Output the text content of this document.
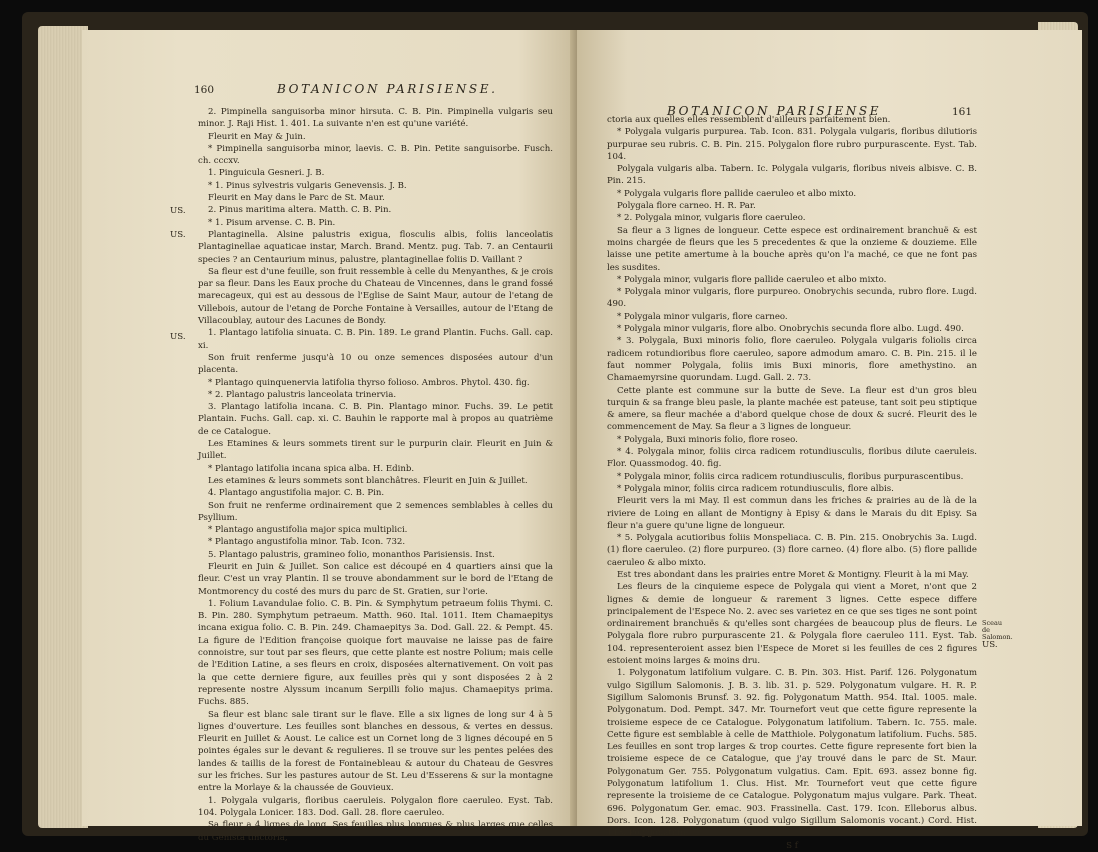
160	BOTANICON PARISIENSE.
US.
US.
US.

2. Pimpinella sanguisorba minor hirsuta. C. B. Pin. Pimpinella vulgaris seu minor. J. Raji Hist. 1. 401. La suivante n'en est qu'une variété.

Fleurit en May & Juin.

* Pimpinella sanguisorba minor, laevis. C. B. Pin. Petite sanguisorbe. Fusch. ch. cccxv.

1. Pinguicula Gesneri. J. B.

* 1. Pinus sylvestris vulgaris Genevensis. J. B.

Fleurit en May dans le Parc de St. Maur.

2. Pinus maritima altera. Matth. C. B. Pin.

* 1. Pisum arvense. C. B. Pin.

Plantaginella. Alsine palustris exigua, flosculis albis, foliis lanceolatis Plantaginellae aquaticae instar, March. Brand. Mentz. pug. Tab. 7. an Centaurii species ? an Centaurium minus, palustre, plantaginellae foliis D. Vaillant ?

Sa fleur est d'une feuille, son fruit ressemble à celle du Menyanthes, & je crois par sa fleur. Dans les Eaux proche du Chateau de Vincennes, dans le grand fossé marecageux, qui est au dessous de l'Eglise de Saint Maur, autour de l'etang de Villebois, autour de l'etang de Porche Fontaine à Versailles, autour de l'Etang de Villacoublay, autour des Lacunes de Bondy.

1. Plantago latifolia sinuata. C. B. Pin. 189. Le grand Plantin. Fuchs. Gall. cap. xi.

Son fruit renferme jusqu'à 10 ou onze semences disposées autour d'un placenta.

* Plantago quinquenervia latifolia thyrso folioso. Ambros. Phytol. 430. fig.

* 2. Plantago palustris lanceolata trinervia.

3. Plantago latifolia incana. C. B. Pin. Plantago minor. Fuchs. 39. Le petit Plantain. Fuchs. Gall. cap. xi. C. Bauhin le rapporte mal à propos au quatrième de ce Catalogue.

Les Etamines & leurs sommets tirent sur le purpurin clair. Fleurit en Juin & Juillet.

* Plantago latifolia incana spica alba. H. Edinb.

Les etamines & leurs sommets sont blanchâtres. Fleurit en Juin & Juillet.

4. Plantago angustifolia major. C. B. Pin.

Son fruit ne renferme ordinairement que 2 semences semblables à celles du Psyllium.

* Plantago angustifolia major spica multiplici.

* Plantago angustifolia minor. Tab. Icon. 732.

5. Plantago palustris, gramineo folio, monanthos Parisiensis. Inst.

Fleurit en Juin & Juillet. Son calice est découpé en 4 quartiers ainsi que la fleur. C'est un vray Plantin. Il se trouve abondamment sur le bord de l'Etang de Montmorency du costé des murs du parc de St. Gratien, sur l'orie.

1. Folium Lavandulae folio. C. B. Pin. & Symphytum petraeum foliis Thymi. C. B. Pin. 280. Symphytum petraeum. Matth. 960. Ital. 1011. Item Chamaepitys incana exigua folio. C. B. Pin. 249. Chamaepitys 3a. Dod. Gall. 22. & Pempt. 45. La figure de l'Edition françoise quoique fort mauvaise ne laisse pas de faire connoistre, sur tout par ses fleurs, que cette plante est nostre Polium; mais celle de l'Edition Latine, a ses fleurs en croix, disposées alternativement. On voit pas la que cette derniere figure, aux feuilles près qui y sont disposées 2 à 2 represente nostre Alyssum incanum Serpilli folio majus. Chamaepitys prima. Fuchs. 885.

Sa fleur est blanc sale tirant sur le flave. Elle a six lignes de long sur 4 à 5 lignes d'ouverture. Les feuilles sont blanches en dessous, & vertes en dessus. Fleurit en Juillet & Aoust. Le calice est un Cornet long de 3 lignes découpé en 5 pointes égales sur le devant & regulieres. Il se trouve sur les pentes pelées des landes & taillis de la forest de Fontainebleau & autour du Chateau de Gesvres sur les friches. Sur les pastures autour de St. Leu d'Esserens & sur la montagne entre la Morlaye & la chaussée de Gouvieux.

1. Polygala vulgaris, floribus caeruleis. Polygalon flore caeruleo. Eyst. Tab. 104. Polygala Lonicer. 183. Dod. Gall. 28. flore caeruleo.

Sa fleur a 4 lignes de long. Ses feuilles plus longues & plus larges que celles du Genista tinctoria,

BOTANICON PARISIENSE	161
Sceau de Salomon.
US.

ctoria aux quelles elles ressemblent d'ailleurs parfaitement bien.

* Polygala vulgaris purpurea. Tab. Icon. 831. Polygala vulgaris, floribus dilutioris purpurae seu rubris. C. B. Pin. 215. Polygalon flore rubro purpurascente. Eyst. Tab. 104.

Polygala vulgaris alba. Tabern. Ic. Polygala vulgaris, floribus niveis albisve. C. B. Pin. 215.

* Polygala vulgaris flore pallide caeruleo et albo mixto.

Polygala flore carneo. H. R. Par.

* 2. Polygala minor, vulgaris flore caeruleo.

Sa fleur a 3 lignes de longueur. Cette espece est ordinairement branchuë & est moins chargée de fleurs que les 5 precedentes & que la onzieme & douzieme. Elle laisse une petite amertume à la bouche après qu'on l'a maché, ce que ne font pas les susdites.

* Polygala minor, vulgaris flore pallide caeruleo et albo mixto.

* Polygala minor vulgaris, flore purpureo. Onobrychis secunda, rubro flore. Lugd. 490.

* Polygala minor vulgaris, flore carneo.

* Polygala minor vulgaris, flore albo. Onobrychis secunda flore albo. Lugd. 490.

* 3. Polygala, Buxi minoris folio, flore caeruleo. Polygala vulgaris foliolis circa radicem rotundioribus flore caeruleo, sapore admodum amaro. C. B. Pin. 215. il le faut nommer Polygala, foliis imis Buxi minoris, flore amethystino. an Chamaemyrsine quorundam. Lugd. Gall. 2. 73.

Cette plante est commune sur la butte de Seve. La fleur est d'un gros bleu turquin & sa frange bleu pasle, la plante machée est pateuse, tant soit peu stiptique & amere, sa fleur machée a d'abord quelque chose de doux & sucré. Fleurit des le commencement de May. Sa fleur a 3 lignes de longueur.

* Polygala, Buxi minoris folio, flore roseo.

* 4. Polygala minor, foliis circa radicem rotundiusculis, floribus dilute caeruleis. Flor. Quassmodog. 40. fig.

* Polygala minor, foliis circa radicem rotundiusculis, floribus purpurascentibus.

* Polygala minor, foliis circa radicem rotundiusculis, flore albis.

Fleurit vers la mi May. Il est commun dans les friches & prairies au de là de la riviere de Loing en allant de Montigny à Episy & dans le Marais du dit Episy. Sa fleur n'a guere qu'une ligne de longueur.

* 5. Polygala acutioribus foliis Monspeliaca. C. B. Pin. 215. Onobrychis 3a. Lugd. (1) flore caeruleo. (2) flore purpureo. (3) flore carneo. (4) flore albo. (5) flore pallide caeruleo & albo mixto.

Est tres abondant dans les prairies entre Moret & Montigny. Fleurit à la mi May.

Les fleurs de la cinquieme espece de Polygala qui vient a Moret, n'ont que 2 lignes & demie de longueur & rarement 3 lignes. Cette espece differe principalement de l'Espece No. 2. avec ses varietez en ce que ses tiges ne sont point ordinairement branchuës & qu'elles sont chargées de beaucoup plus de fleurs. Le Polygala flore rubro purpurascente 21. & Polygala flore caeruleo 111. Eyst. Tab. 104. representeroient assez bien l'Espece de Moret si les feuilles de ces 2 figures estoient moins larges & moins dru.

1. Polygonatum latifolium vulgare. C. B. Pin. 303. Hist. Parif. 126. Polygonatum vulgo Sigillum Salomonis. J. B. 3. lib. 31. p. 529. Polygonatum vulgare. H. R. P. Sigillum Salomonis Brunsf. 3. 92. fig. Polygonatum Matth. 954. Ital. 1005. male. Polygonatum. Dod. Pempt. 347. Mr. Tournefort veut que cette figure represente la troisieme espece de ce Catalogue. Polygonatum latifolium. Tabern. Ic. 755. male. Cette figure est semblable à celle de Matthiole. Polygonatum latifolium. Fuchs. 585. Les feuilles en sont trop larges & trop courtes. Cette figure represente fort bien la troisieme espece de ce Catalogue, que j'ay trouvé dans le parc de St. Maur. Polygonatum Ger. 755. Polygonatum vulgatius. Cam. Epit. 693. assez bonne fig. Polygonatum latifolium 1. Clus. Hist. Mr. Tournefort veut que cette figure represente la troisieme de ce Catalogue. Polygonatum majus vulgare. Park. Theat. 696. Polygonatum Ger. emac. 903. Frassinella. Cast. 179. Icon. Elleborus albus. Dors. Icon. 128. Polygonatum (quod vulgo Sigillum Salomonis vocant.) Cord. Hist. 113. Polygonatum

S f
